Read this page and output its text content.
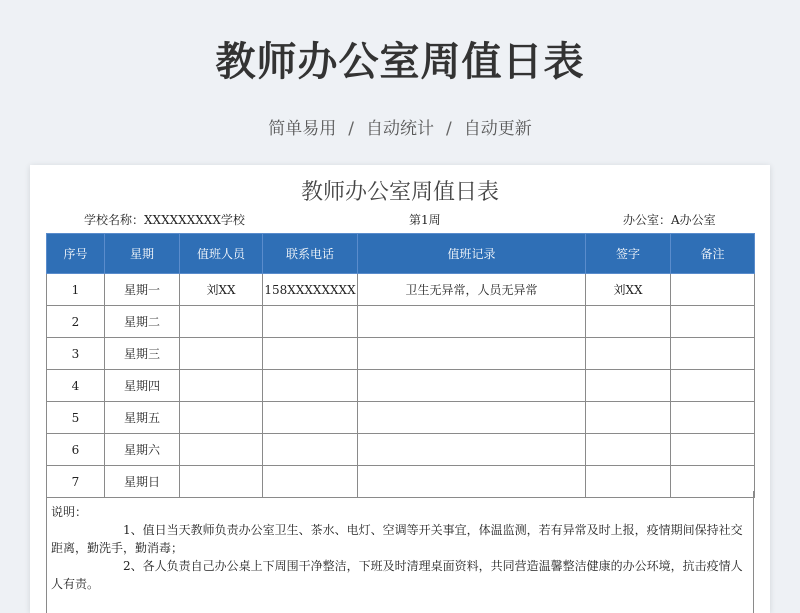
教师办公室周值日表
简单易用 / 自动统计 / 自动更新
教师办公室周值日表
学校名称：XXXXXXXXX学校	第1周	办公室：A办公室
序号	星期	值班人员	联系电话	值班记录	签字	备注
1	星期一	刘XX	158XXXXXXXX	卫生无异常，人员无异常	刘XX	
2	星期二					
3	星期三					
4	星期四					
5	星期五					
6	星期六					
7	星期日					

说明：

1、值日当天教师负责办公室卫生、茶水、电灯、空调等开关事宜，体温监测，若有异常及时上报，疫情期间保持社交距离，勤洗手，勤消毒；

2、各人负责自己办公桌上下周围干净整洁，下班及时清理桌面资料，共同营造温馨整洁健康的办公环境，抗击疫情人人有责。
